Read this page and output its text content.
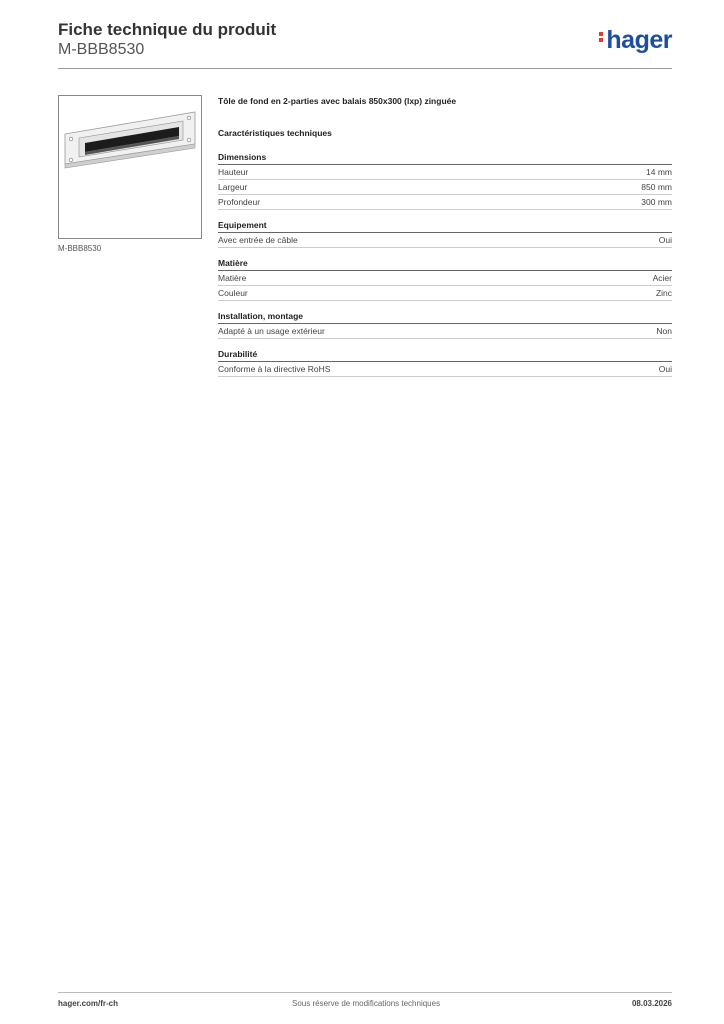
Fiche technique du produit
M-BBB8530	hager
M-BBB8530
Tôle de fond en 2-parties avec balais 850x300 (lxp) zinguée
Caractéristiques techniques
Dimensions
Hauteur	14 mm
Largeur	850 mm
Profondeur	300 mm
Equipement
Avec entrée de câble	Oui
Matière
Matière	Acier
Couleur	Zinc
Installation, montage
Adapté à un usage extérieur	Non
Durabilité
Conforme à la directive RoHS	Oui
hager.com/fr-ch	Sous réserve de modifications techniques	08.03.2026
